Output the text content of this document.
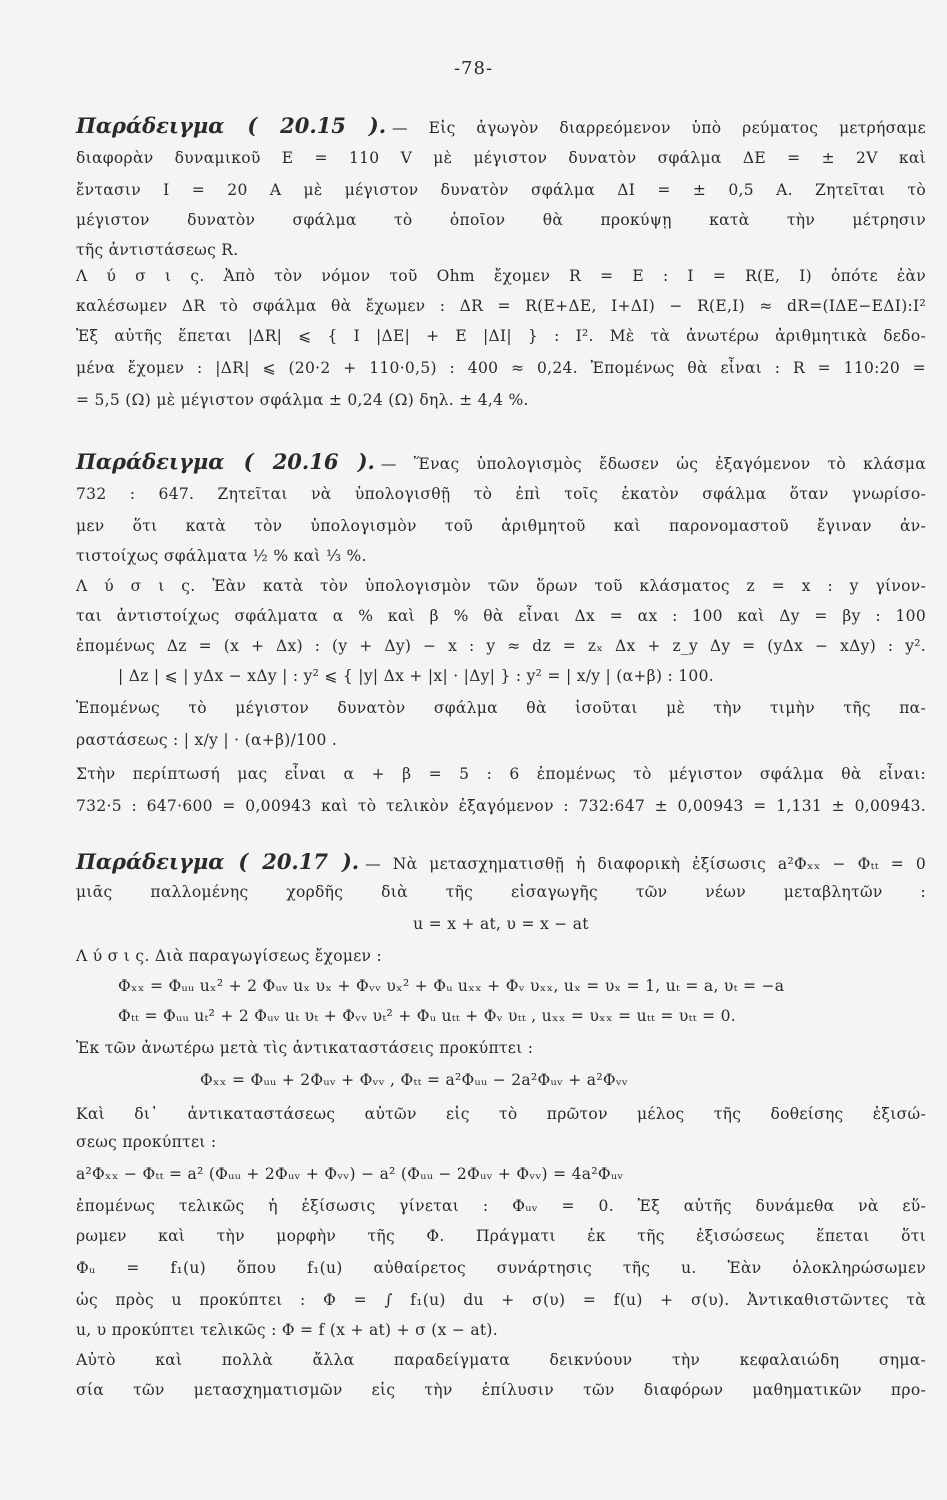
-78-
Παράδειγμα ( 20.15 ). — Εἰς ἀγωγὸν διαρρεόμενον ὑπὸ ρεύματος μετρήσαμε
διαφορὰν δυναμικοῦ E = 110 V μὲ μέγιστον δυνατὸν σφάλμα ΔE = ± 2V καὶ
ἔντασιν I = 20 A μὲ μέγιστον δυνατὸν σφάλμα ΔI = ± 0,5 A. Ζητεῖται τὸ
μέγιστον δυνατὸν σφάλμα τὸ ὁποῖον θὰ προκύψῃ κατὰ τὴν μέτρησιν
τῆς ἀντιστάσεως R.
Λ ύ σ ι ς. Ἀπὸ τὸν νόμον τοῦ Ohm ἔχομεν R = E : I = R(E, I) ὁπότε ἐὰν
καλέσωμεν ΔR τὸ σφάλμα θὰ ἔχωμεν : ΔR = R(E+ΔE, I+ΔI) − R(E,I) ≈ dR=(IΔE−EΔI):I²
Ἐξ αὐτῆς ἕπεται |ΔR| ⩽ { I |ΔE| + E |ΔI| } : I². Μὲ τὰ ἀνωτέρω ἀριθμητικὰ δεδο-
μένα ἔχομεν : |ΔR| ⩽ (20·2 + 110·0,5) : 400 ≈ 0,24. Ἐπομένως θὰ εἶναι : R = 110:20 =
= 5,5 (Ω) μὲ μέγιστον σφάλμα ± 0,24 (Ω) δηλ. ± 4,4 %.
Παράδειγμα ( 20.16 ). — Ἕνας ὑπολογισμὸς ἔδωσεν ὡς ἐξαγόμενον τὸ κλάσμα
732 : 647. Ζητεῖται νὰ ὑπολογισθῇ τὸ ἐπὶ τοῖς ἑκατὸν σφάλμα ὅταν γνωρίσο-
μεν ὅτι κατὰ τὸν ὑπολογισμὸν τοῦ ἀριθμητοῦ καὶ παρονομαστοῦ ἔγιναν ἀν-
τιστοίχως σφάλματα ½ % καὶ ⅓ %.
Λ ύ σ ι ς. Ἐὰν κατὰ τὸν ὑπολογισμὸν τῶν ὅρων τοῦ κλάσματος z = x : y γίνον-
ται ἀντιστοίχως σφάλματα α % καὶ β % θὰ εἶναι Δx = αx : 100 καὶ Δy = βy : 100
ἐπομένως Δz = (x + Δx) : (y + Δy) − x : y ≈ dz = zₓ Δx + z_y Δy = (yΔx − xΔy) : y².
| Δz | ⩽ | yΔx − xΔy | : y² ⩽ { |y| Δx + |x| · |Δy| } : y² = | x/y | (α+β) : 100.
Ἐπομένως τὸ μέγιστον δυνατὸν σφάλμα θὰ ἰσοῦται μὲ τὴν τιμὴν τῆς πα-
ραστάσεως : | x/y | · (α+β)/100 .
Στὴν περίπτωσή μας εἶναι α + β = 5 : 6 ἐπομένως τὸ μέγιστον σφάλμα θὰ εἶναι:
732·5 : 647·600 = 0,00943 καὶ τὸ τελικὸν ἐξαγόμενον : 732:647 ± 0,00943 = 1,131 ± 0,00943.
Παράδειγμα ( 20.17 ). — Νὰ μετασχηματισθῇ ἡ διαφορικὴ ἐξίσωσις a²Φₓₓ − Φₜₜ = 0
μιᾶς παλλομένης χορδῆς διὰ τῆς εἰσαγωγῆς τῶν νέων μεταβλητῶν :
u = x + at, υ = x − at
Λ ύ σ ι ς. Διὰ παραγωγίσεως ἔχομεν :
Φₓₓ = Φᵤᵤ uₓ² + 2 Φᵤᵥ uₓ υₓ + Φᵥᵥ υₓ² + Φᵤ uₓₓ + Φᵥ υₓₓ, uₓ = υₓ = 1, uₜ = a, υₜ = −a
Φₜₜ = Φᵤᵤ uₜ² + 2 Φᵤᵥ uₜ υₜ + Φᵥᵥ υₜ² + Φᵤ uₜₜ + Φᵥ υₜₜ , uₓₓ = υₓₓ = uₜₜ = υₜₜ = 0.
Ἐκ τῶν ἀνωτέρω μετὰ τὶς ἀντικαταστάσεις προκύπτει :
Φₓₓ = Φᵤᵤ + 2Φᵤᵥ + Φᵥᵥ , Φₜₜ = a²Φᵤᵤ − 2a²Φᵤᵥ + a²Φᵥᵥ
Καὶ δι᾽ ἀντικαταστάσεως αὐτῶν εἰς τὸ πρῶτον μέλος τῆς δοθείσης ἐξισώ-
σεως προκύπτει :
a²Φₓₓ − Φₜₜ = a² (Φᵤᵤ + 2Φᵤᵥ + Φᵥᵥ) − a² (Φᵤᵤ − 2Φᵤᵥ + Φᵥᵥ) = 4a²Φᵤᵥ
ἐπομένως τελικῶς ἡ ἐξίσωσις γίνεται : Φᵤᵥ = 0. Ἐξ αὐτῆς δυνάμεθα νὰ εὕ-
ρωμεν καὶ τὴν μορφὴν τῆς Φ. Πράγματι ἐκ τῆς ἐξισώσεως ἕπεται ὅτι
Φᵤ = f₁(u) ὅπου f₁(u) αὐθαίρετος συνάρτησις τῆς u. Ἐὰν ὁλοκληρώσωμεν
ὡς πρὸς u προκύπτει : Φ = ∫ f₁(u) du + σ(υ) = f(u) + σ(υ). Ἀντικαθιστῶντες τὰ
u, υ προκύπτει τελικῶς : Φ = f (x + at) + σ (x − at).
Αὐτὸ καὶ πολλὰ ἄλλα παραδείγματα δεικνύουν τὴν κεφαλαιώδη σημα-
σία τῶν μετασχηματισμῶν εἰς τὴν ἐπίλυσιν τῶν διαφόρων μαθηματικῶν προ-
